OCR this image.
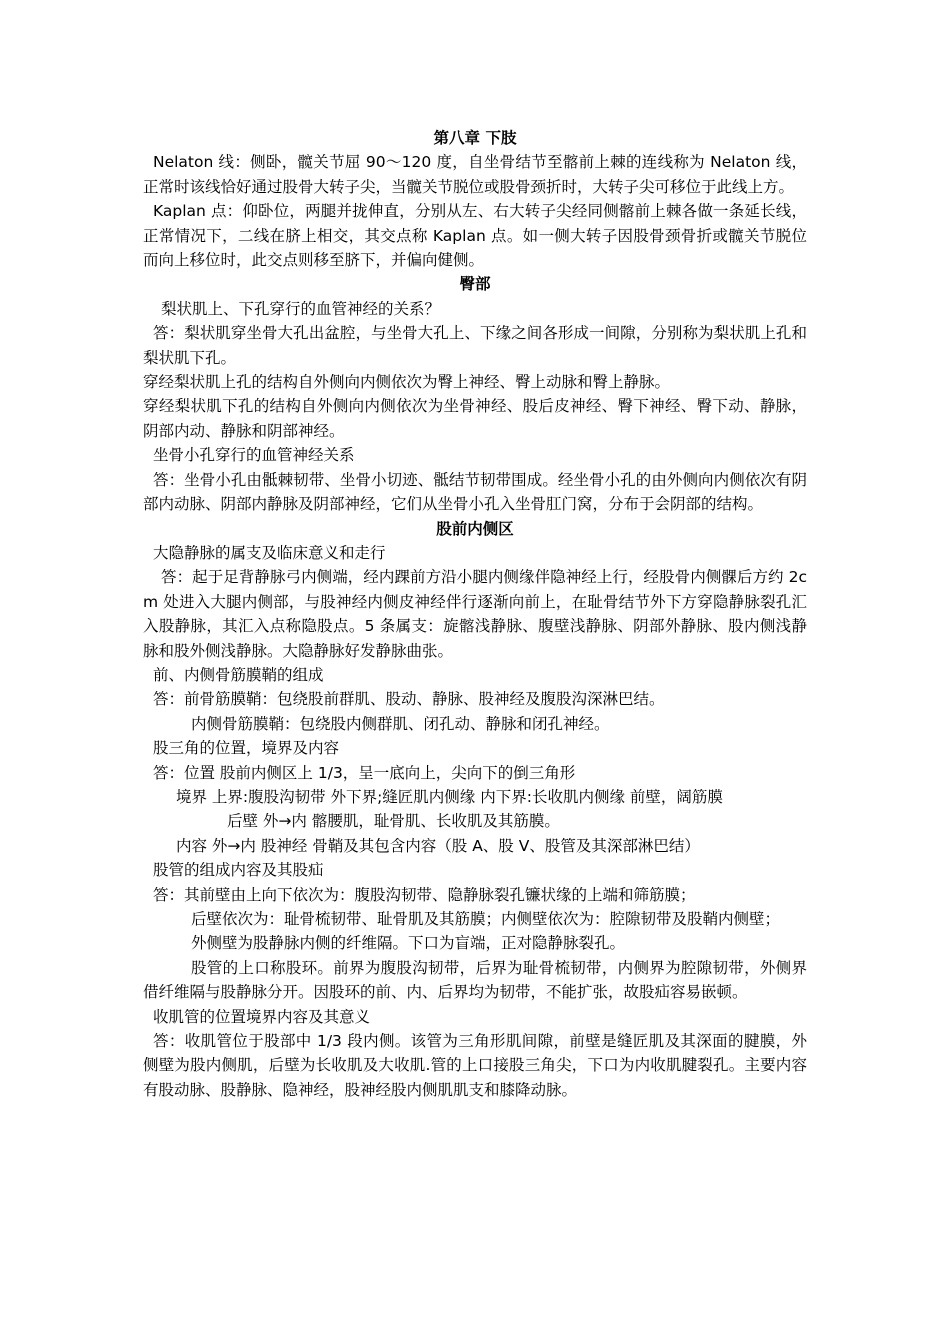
第八章 下肢

Nelaton 线：侧卧，髋关节屈 90～120 度，自坐骨结节至髂前上棘的连线称为 Nelaton 线，正常时该线恰好通过股骨大转子尖，当髋关节脱位或股骨颈折时，大转子尖可移位于此线上方。

Kaplan 点：仰卧位，两腿并拢伸直，分别从左、右大转子尖经同侧髂前上棘各做一条延长线，正常情况下，二线在脐上相交，其交点称 Kaplan 点。如一侧大转子因股骨颈骨折或髋关节脱位而向上移位时，此交点则移至脐下，并偏向健侧。

臀部

梨状肌上、下孔穿行的血管神经的关系？

答：梨状肌穿坐骨大孔出盆腔，与坐骨大孔上、下缘之间各形成一间隙，分别称为梨状肌上孔和梨状肌下孔。

穿经梨状肌上孔的结构自外侧向内侧依次为臀上神经、臀上动脉和臀上静脉。

穿经梨状肌下孔的结构自外侧向内侧依次为坐骨神经、股后皮神经、臀下神经、臀下动、静脉，阴部内动、静脉和阴部神经。

坐骨小孔穿行的血管神经关系

答：坐骨小孔由骶棘韧带、坐骨小切迹、骶结节韧带围成。经坐骨小孔的由外侧向内侧依次有阴部内动脉、阴部内静脉及阴部神经，它们从坐骨小孔入坐骨肛门窝，分布于会阴部的结构。

股前内侧区

大隐静脉的属支及临床意义和走行

答：起于足背静脉弓内侧端，经内踝前方沿小腿内侧缘伴隐神经上行，经股骨内侧髁后方约 2cm 处进入大腿内侧部，与股神经内侧皮神经伴行逐渐向前上，在耻骨结节外下方穿隐静脉裂孔汇入股静脉，其汇入点称隐股点。5 条属支：旋髂浅静脉、腹壁浅静脉、阴部外静脉、股内侧浅静脉和股外侧浅静脉。大隐静脉好发静脉曲张。

前、内侧骨筋膜鞘的组成

答：前骨筋膜鞘：包绕股前群肌、股动、静脉、股神经及腹股沟深淋巴结。

内侧骨筋膜鞘：包绕股内侧群肌、闭孔动、静脉和闭孔神经。

股三角的位置，境界及内容

答：位置 股前内侧区上 1/3，呈一底向上，尖向下的倒三角形

境界 上界:腹股沟韧带 外下界;缝匠肌内侧缘 内下界:长收肌内侧缘 前壁，阔筋膜

后壁 外→内 髂腰肌，耻骨肌、长收肌及其筋膜。

内容 外→内 股神经 骨鞘及其包含内容（股 A、股 V、股管及其深部淋巴结）

股管的组成内容及其股疝

答：其前壁由上向下依次为：腹股沟韧带、隐静脉裂孔镰状缘的上端和筛筋膜；

后壁依次为：耻骨梳韧带、耻骨肌及其筋膜；内侧壁依次为：腔隙韧带及股鞘内侧壁；

外侧壁为股静脉内侧的纤维隔。下口为盲端，正对隐静脉裂孔。

股管的上口称股环。前界为腹股沟韧带，后界为耻骨梳韧带，内侧界为腔隙韧带，外侧界借纤维隔与股静脉分开。因股环的前、内、后界均为韧带，不能扩张，故股疝容易嵌顿。

收肌管的位置境界内容及其意义

答：收肌管位于股部中 1/3 段内侧。该管为三角形肌间隙，前壁是缝匠肌及其深面的腱膜，外侧壁为股内侧肌，后壁为长收肌及大收肌.管的上口接股三角尖，下口为内收肌腱裂孔。主要内容有股动脉、股静脉、隐神经，股神经股内侧肌肌支和膝降动脉。
